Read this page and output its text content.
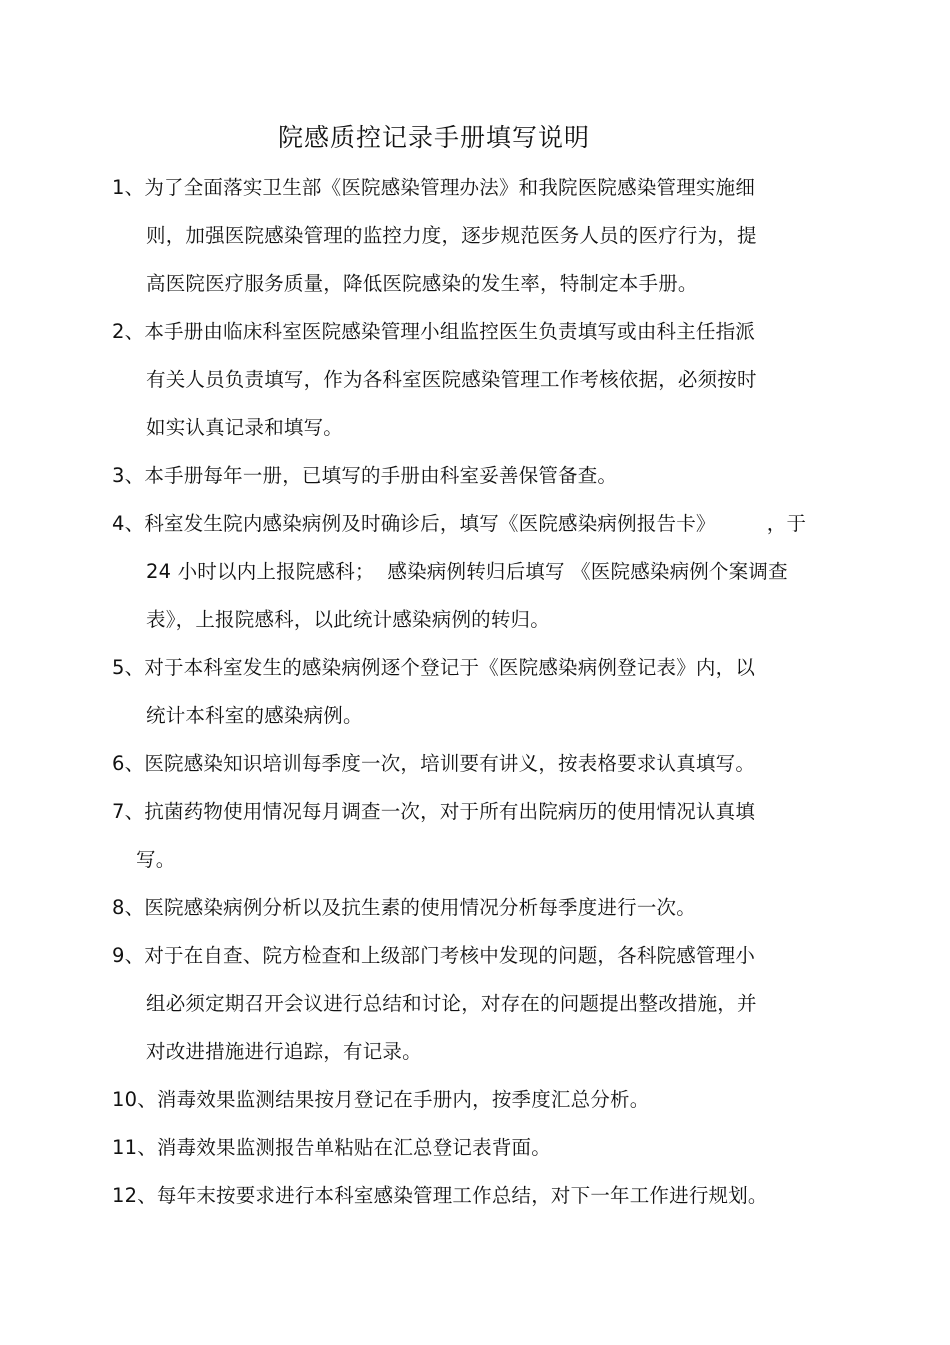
院感质控记录手册填写说明
1、为了全面落实卫生部《医院感染管理办法》和我院医院感染管理实施细
则，加强医院感染管理的监控力度，逐步规范医务人员的医疗行为，提
高医院医疗服务质量，降低医院感染的发生率，特制定本手册。
2、本手册由临床科室医院感染管理小组监控医生负责填写或由科主任指派
有关人员负责填写，作为各科室医院感染管理工作考核依据，必须按时
如实认真记录和填写。
3、本手册每年一册，已填写的手册由科室妥善保管备查。
4、科室发生院内感染病例及时确诊后，填写《医院感染病例报告卡》        ，于
24 小时以内上报院感科；  感染病例转归后填写 《医院感染病例个案调查
表》，上报院感科，以此统计感染病例的转归。
5、对于本科室发生的感染病例逐个登记于《医院感染病例登记表》内，以
统计本科室的感染病例。
6、医院感染知识培训每季度一次，培训要有讲义，按表格要求认真填写。
7、抗菌药物使用情况每月调查一次，对于所有出院病历的使用情况认真填
写。
8、医院感染病例分析以及抗生素的使用情况分析每季度进行一次。
9、对于在自查、院方检查和上级部门考核中发现的问题，各科院感管理小
组必须定期召开会议进行总结和讨论，对存在的问题提出整改措施，并
对改进措施进行追踪，有记录。
10、消毒效果监测结果按月登记在手册内，按季度汇总分析。
11、消毒效果监测报告单粘贴在汇总登记表背面。
12、每年末按要求进行本科室感染管理工作总结，对下一年工作进行规划。
